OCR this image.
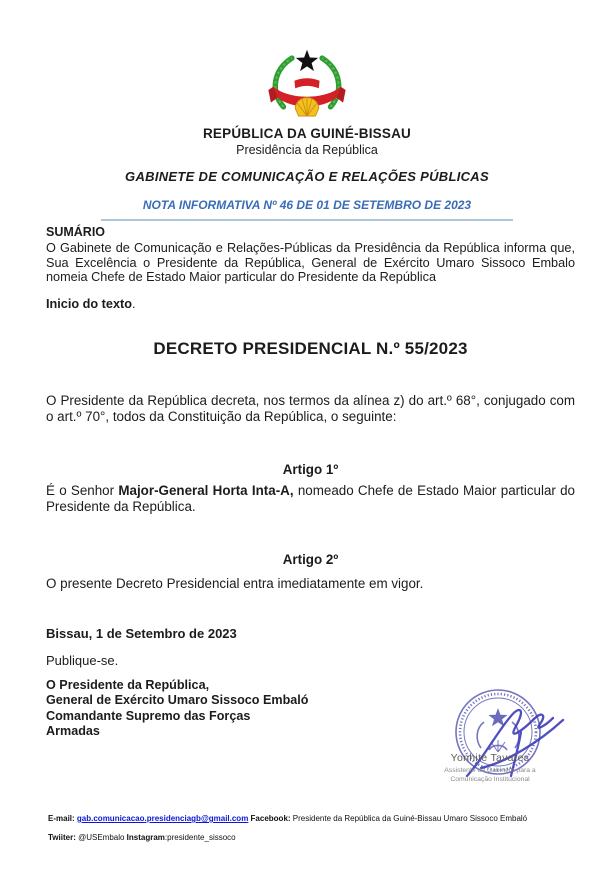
REPÚBLICA DA GUINÉ-BISSAU
Presidência da República
GABINETE DE COMUNICAÇÃO E RELAÇÕES PÚBLICAS
NOTA INFORMATIVA Nº 46 DE 01 DE SETEMBRO DE 2023
SUMÁRIO
O Gabinete de Comunicação e Relações-Públicas da Presidência da República informa que, Sua Excelência o Presidente da República, General de Exército Umaro Sissoco Embalo nomeia Chefe de Estado Maior particular do Presidente da República
Inicio do texto.
DECRETO PRESIDENCIAL N.º 55/2023
O Presidente da República decreta, nos termos da alínea z) do art.º 68°, conjugado com o art.º 70°, todos da Constituição da República, o seguinte:
Artigo 1º
É o Senhor Major-General Horta Inta-A, nomeado Chefe de Estado Maior particular do Presidente da República.
Artigo 2º
O presente Decreto Presidencial entra imediatamente em vigor.
Bissau, 1 de Setembro de 2023
Publique-se.
O Presidente da República,
General de Exército Umaro Sissoco Embaló
Comandante Supremo das Forças
Armadas
Yonhité Tavares
Assistente de Gabinete para a
Comunicação Institucional
E-mail: gab.comunicacao.presidenciagb@gmail.com Facebook: Presidente da República da Guiné-Bissau Umaro Sissoco Embaló
Twiiter: @USEmbalo Instagram:presidente_sissoco
